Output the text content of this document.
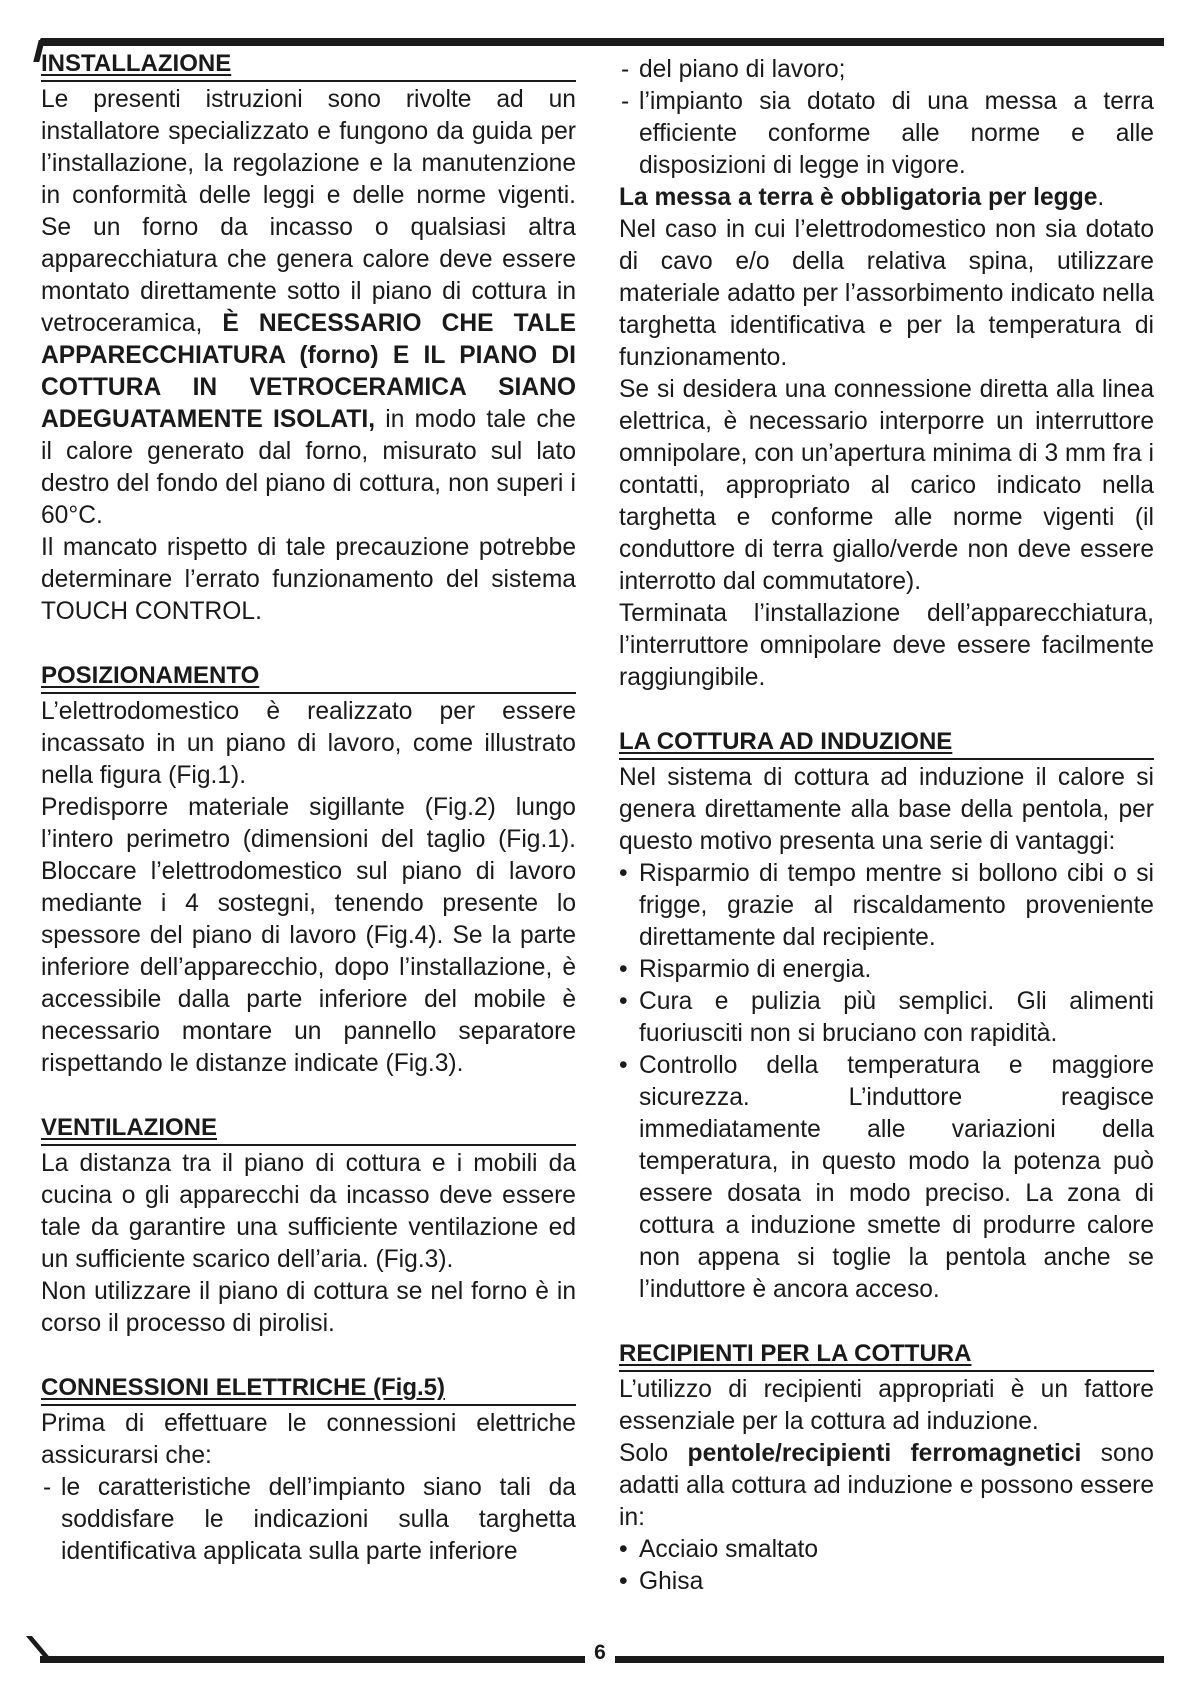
6
INSTALLAZIONE

Le presenti istruzioni sono rivolte ad un installatore specializzato e fungono da guida per l’installazione, la regolazione e la manutenzione in conformità delle leggi e delle norme vigenti. Se un forno da incasso o qualsiasi altra apparecchiatura che genera calore deve essere montato direttamente sotto il piano di cottura in vetroceramica, È NECESSARIO CHE TALE APPARECCHIATURA (forno) E IL PIANO DI COTTURA IN VETROCERAMICA SIANO ADEGUATAMENTE ISOLATI, in modo tale che il calore generato dal forno, misurato sul lato destro del fondo del piano di cottura, non superi i 60°C.

Il mancato rispetto di tale precauzione potrebbe determinare l’errato funzionamento del sistema TOUCH CONTROL.

POSIZIONAMENTO

L’elettrodomestico è realizzato per essere incassato in un piano di lavoro, come illustrato nella figura (Fig.1).

Predisporre materiale sigillante (Fig.2) lungo l’intero perimetro (dimensioni del taglio (Fig.1). Bloccare l’elettrodomestico sul piano di lavoro mediante i 4 sostegni, tenendo presente lo spessore del piano di lavoro (Fig.4). Se la parte inferiore dell’apparecchio, dopo l’installazione, è accessibile dalla parte inferiore del mobile è necessario montare un pannello separatore rispettando le distanze indicate (Fig.3).

VENTILAZIONE

La distanza tra il piano di cottura e i mobili da cucina o gli apparecchi da incasso deve essere tale da garantire una sufficiente ventilazione ed un sufficiente scarico dell’aria. (Fig.3).

Non utilizzare il piano di cottura se nel forno è in corso il processo di pirolisi.

CONNESSIONI ELETTRICHE (Fig.5)

Prima di effettuare le connessioni elettriche assicurarsi che:

- le caratteristiche dell’impianto siano tali da soddisfare le indicazioni sulla targhetta identificativa applicata sulla parte inferiore
- del piano di lavoro;
- l’impianto sia dotato di una messa a terra efficiente conforme alle norme e alle disposizioni di legge in vigore.

La messa a terra è obbligatoria per legge.

Nel caso in cui l’elettrodomestico non sia dotato di cavo e/o della relativa spina, utilizzare materiale adatto per l’assorbimento indicato nella targhetta identificativa e per la temperatura di funzionamento.

Se si desidera una connessione diretta alla linea elettrica, è necessario interporre un interruttore omnipolare, con un’apertura minima di 3 mm fra i contatti, appropriato al carico indicato nella targhetta e conforme alle norme vigenti (il conduttore di terra giallo/verde non deve essere interrotto dal commutatore).

Terminata l’installazione dell’apparecchiatura, l’interruttore omnipolare deve essere facilmente raggiungibile.

LA COTTURA AD INDUZIONE

Nel sistema di cottura ad induzione il calore si genera direttamente alla base della pentola, per questo motivo presenta una serie di vantaggi:

• Risparmio di tempo mentre si bollono cibi o si frigge, grazie al riscaldamento proveniente direttamente dal recipiente.
• Risparmio di energia.
• Cura e pulizia più semplici. Gli alimenti fuoriusciti non si bruciano con rapidità.
• Controllo della temperatura e maggiore sicurezza. L’induttore reagisce immediatamente alle variazioni della temperatura, in questo modo la potenza può essere dosata in modo preciso. La zona di cottura a induzione smette di produrre calore non appena si toglie la pentola anche se l’induttore è ancora acceso.
RECIPIENTI PER LA COTTURA

L’utilizzo di recipienti appropriati è un fattore essenziale per la cottura ad induzione.

Solo pentole/recipienti ferromagnetici sono adatti alla cottura ad induzione e possono essere in:

• Acciaio smaltato
• Ghisa
